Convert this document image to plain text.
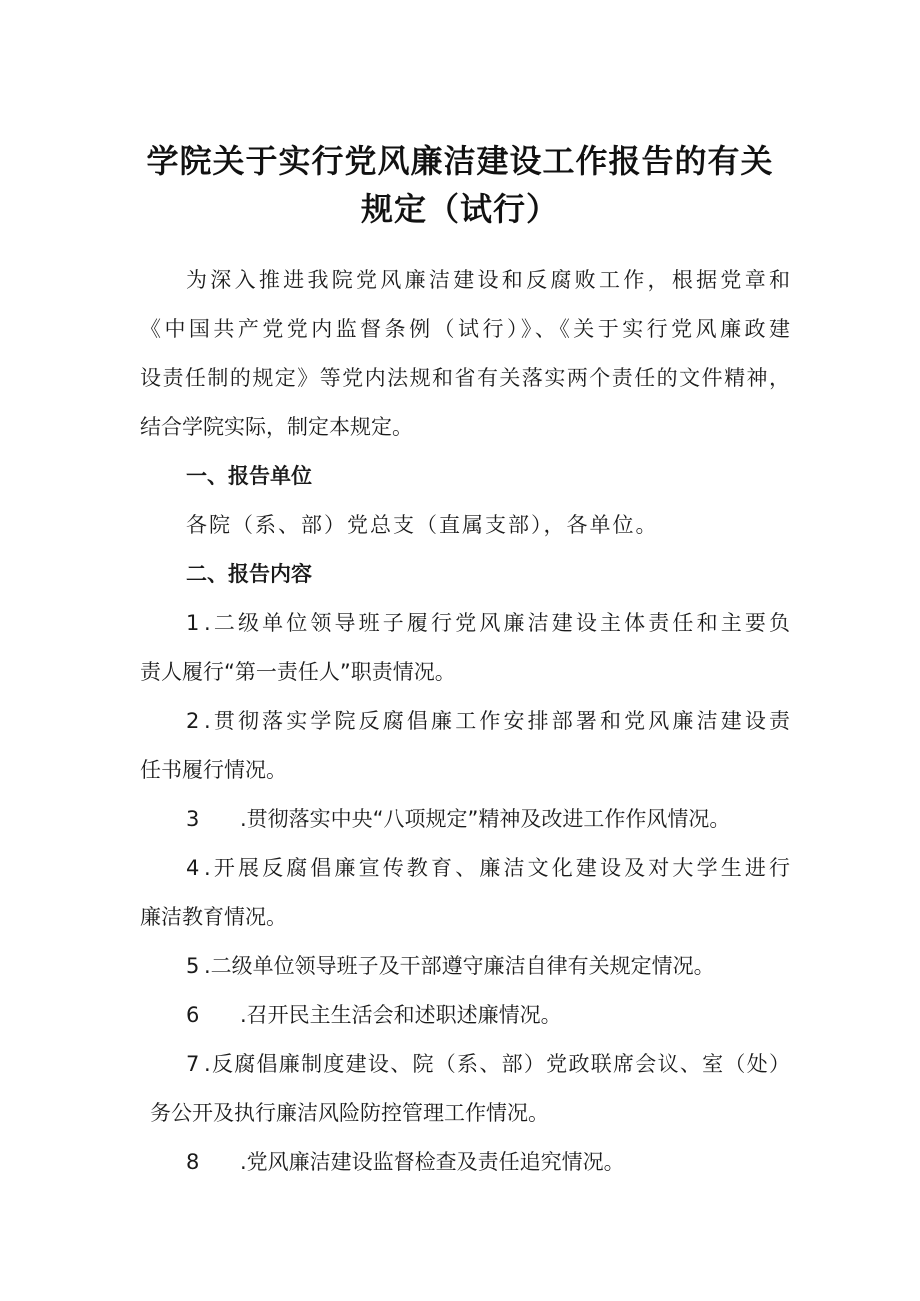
学院关于实行党风廉洁建设工作报告的有关
规定（试行）
为深入推进我院党风廉洁建设和反腐败工作，根据党章和
《中国共产党党内监督条例（试行）》、《关于实行党风廉政建
设责任制的规定》等党内法规和省有关落实两个责任的文件精神，
结合学院实际，制定本规定。
一、报告单位
各院（系、部）党总支（直属支部），各单位。
二、报告内容
1 .二级单位领导班子履行党风廉洁建设主体责任和主要负
责人履行“第一责任人”职责情况。
2 .贯彻落实学院反腐倡廉工作安排部署和党风廉洁建设责
任书履行情况。
3 .贯彻落实中央“八项规定”精神及改进工作作风情况。
4 .开展反腐倡廉宣传教育、廉洁文化建设及对大学生进行
廉洁教育情况。
5 .二级单位领导班子及干部遵守廉洁自律有关规定情况。
6 .召开民主生活会和述职述廉情况。
7 .反腐倡廉制度建设、院（系、部）党政联席会议、室（处）
务公开及执行廉洁风险防控管理工作情况。
8 .党风廉洁建设监督检查及责任追究情况。
